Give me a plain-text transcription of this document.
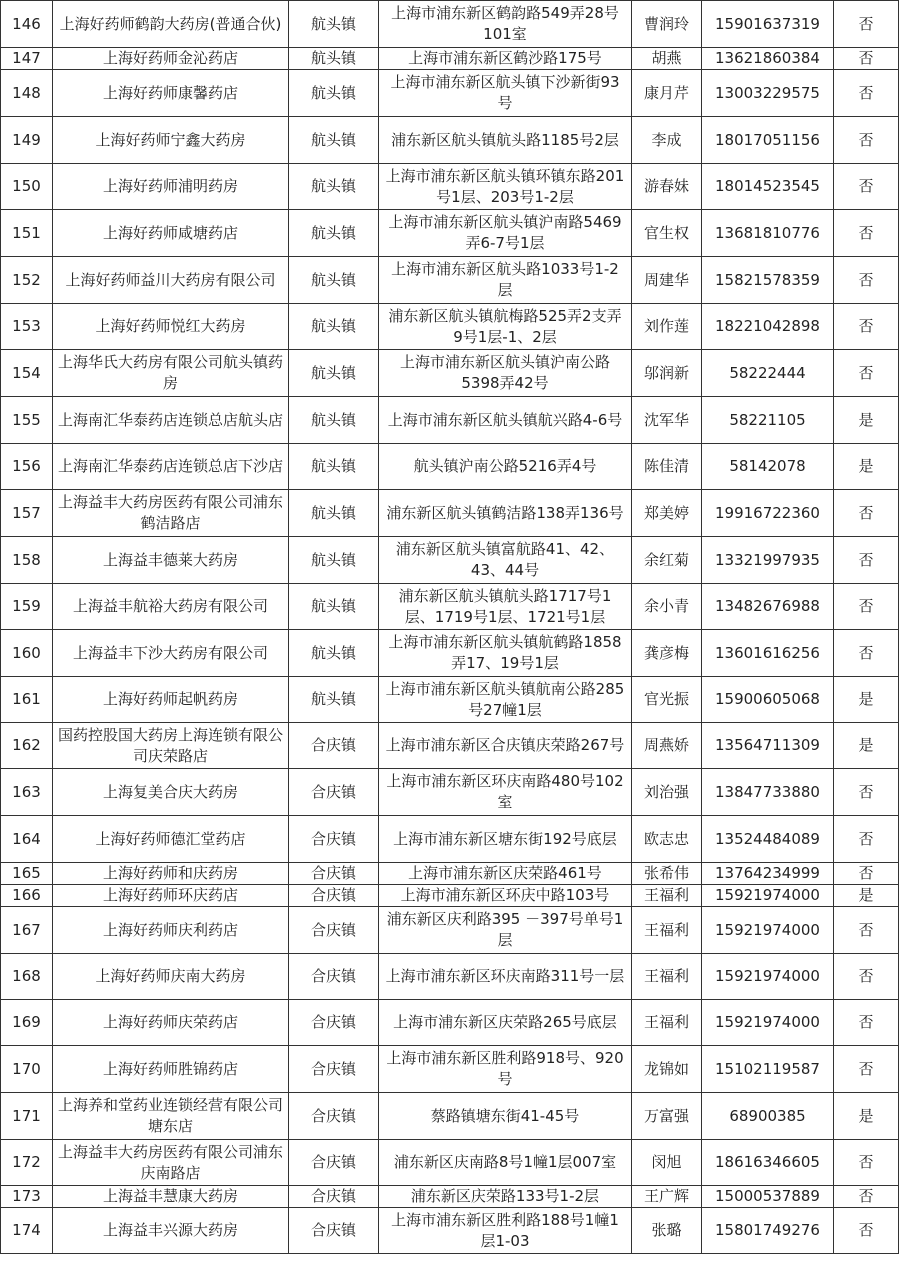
146	上海好药师鹤韵大药房(普通合伙)	航头镇	上海市浦东新区鹤韵路549弄28号101室	曹润玲	15901637319	否
147	上海好药师金沁药店	航头镇	上海市浦东新区鹤沙路175号	胡燕	13621860384	否
148	上海好药师康馨药店	航头镇	上海市浦东新区航头镇下沙新街93号	康月芹	13003229575	否
149	上海好药师宁鑫大药房	航头镇	浦东新区航头镇航头路1185号2层	李成	18017051156	否
150	上海好药师浦明药房	航头镇	上海市浦东新区航头镇环镇东路201号1层、203号1-2层	游春妹	18014523545	否
151	上海好药师咸塘药店	航头镇	上海市浦东新区航头镇沪南路5469弄6-7号1层	官生权	13681810776	否
152	上海好药师益川大药房有限公司	航头镇	上海市浦东新区航头路1033号1-2层	周建华	15821578359	否
153	上海好药师悦红大药房	航头镇	浦东新区航头镇航梅路525弄2支弄9号1层-1、2层	刘作莲	18221042898	否
154	上海华氏大药房有限公司航头镇药房	航头镇	上海市浦东新区航头镇沪南公路5398弄42号	邬润新	58222444	否
155	上海南汇华泰药店连锁总店航头店	航头镇	上海市浦东新区航头镇航兴路4-6号	沈军华	58221105	是
156	上海南汇华泰药店连锁总店下沙店	航头镇	航头镇沪南公路5216弄4号	陈佳清	58142078	是
157	上海益丰大药房医药有限公司浦东鹤洁路店	航头镇	浦东新区航头镇鹤洁路138弄136号	郑美婷	19916722360	否
158	上海益丰德莱大药房	航头镇	浦东新区航头镇富航路41、42、43、44号	余红菊	13321997935	否
159	上海益丰航裕大药房有限公司	航头镇	浦东新区航头镇航头路1717号1层、1719号1层、1721号1层	余小青	13482676988	否
160	上海益丰下沙大药房有限公司	航头镇	上海市浦东新区航头镇航鹤路1858弄17、19号1层	龚彦梅	13601616256	否
161	上海好药师起帆药房	航头镇	上海市浦东新区航头镇航南公路285号27幢1层	官光振	15900605068	是
162	国药控股国大药房上海连锁有限公司庆荣路店	合庆镇	上海市浦东新区合庆镇庆荣路267号	周燕娇	13564711309	是
163	上海复美合庆大药房	合庆镇	上海市浦东新区环庆南路480号102室	刘治强	13847733880	否
164	上海好药师德汇堂药店	合庆镇	上海市浦东新区塘东街192号底层	欧志忠	13524484089	否
165	上海好药师和庆药房	合庆镇	上海市浦东新区庆荣路461号	张希伟	13764234999	否
166	上海好药师环庆药店	合庆镇	上海市浦东新区环庆中路103号	王福利	15921974000	是
167	上海好药师庆利药店	合庆镇	浦东新区庆利路395 －397号单号1层	王福利	15921974000	否
168	上海好药师庆南大药房	合庆镇	上海市浦东新区环庆南路311号一层	王福利	15921974000	否
169	上海好药师庆荣药店	合庆镇	上海市浦东新区庆荣路265号底层	王福利	15921974000	否
170	上海好药师胜锦药店	合庆镇	上海市浦东新区胜利路918号、920号	龙锦如	15102119587	否
171	上海养和堂药业连锁经营有限公司塘东店	合庆镇	蔡路镇塘东街41-45号	万富强	68900385	是
172	上海益丰大药房医药有限公司浦东庆南路店	合庆镇	浦东新区庆南路8号1幢1层007室	闵旭	18616346605	否
173	上海益丰慧康大药房	合庆镇	浦东新区庆荣路133号1-2层	王广辉	15000537889	否
174	上海益丰兴源大药房	合庆镇	上海市浦东新区胜利路188号1幢1层1-03	张璐	15801749276	否
